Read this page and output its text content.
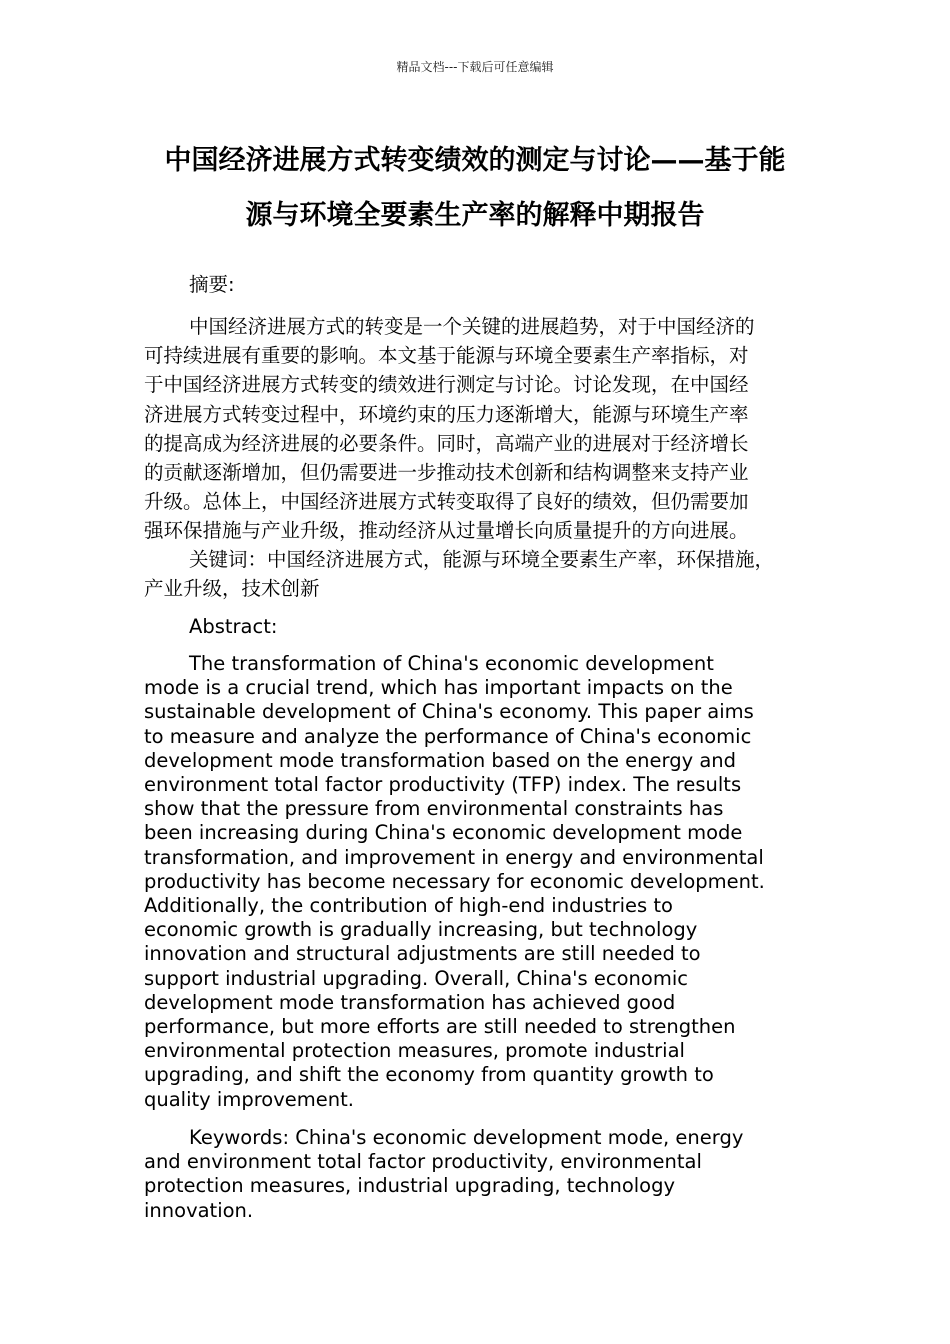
精品文档---下载后可任意编辑
中国经济进展方式转变绩效的测定与讨论——基于能
源与环境全要素生产率的解释中期报告
摘要:
中国经济进展方式的转变是一个关键的进展趋势，对于中国经济的
可持续进展有重要的影响。本文基于能源与环境全要素生产率指标，对
于中国经济进展方式转变的绩效进行测定与讨论。讨论发现，在中国经
济进展方式转变过程中，环境约束的压力逐渐增大，能源与环境生产率
的提高成为经济进展的必要条件。同时，高端产业的进展对于经济增长
的贡献逐渐增加，但仍需要进一步推动技术创新和结构调整来支持产业
升级。总体上，中国经济进展方式转变取得了良好的绩效，但仍需要加
强环保措施与产业升级，推动经济从过量增长向质量提升的方向进展。
关键词：中国经济进展方式，能源与环境全要素生产率，环保措施，
产业升级，技术创新
Abstract:
The transformation of China's economic development
mode is a crucial trend, which has important impacts on the
sustainable development of China's economy. This paper aims
to measure and analyze the performance of China's economic
development mode transformation based on the energy and
environment total factor productivity (TFP) index. The results
show that the pressure from environmental constraints has
been increasing during China's economic development mode
transformation, and improvement in energy and environmental
productivity has become necessary for economic development.
Additionally, the contribution of high-end industries to
economic growth is gradually increasing, but technology
innovation and structural adjustments are still needed to
support industrial upgrading. Overall, China's economic
development mode transformation has achieved good
performance, but more efforts are still needed to strengthen
environmental protection measures, promote industrial
upgrading, and shift the economy from quantity growth to
quality improvement.
Keywords: China's economic development mode, energy
and environment total factor productivity, environmental
protection measures, industrial upgrading, technology
innovation.
